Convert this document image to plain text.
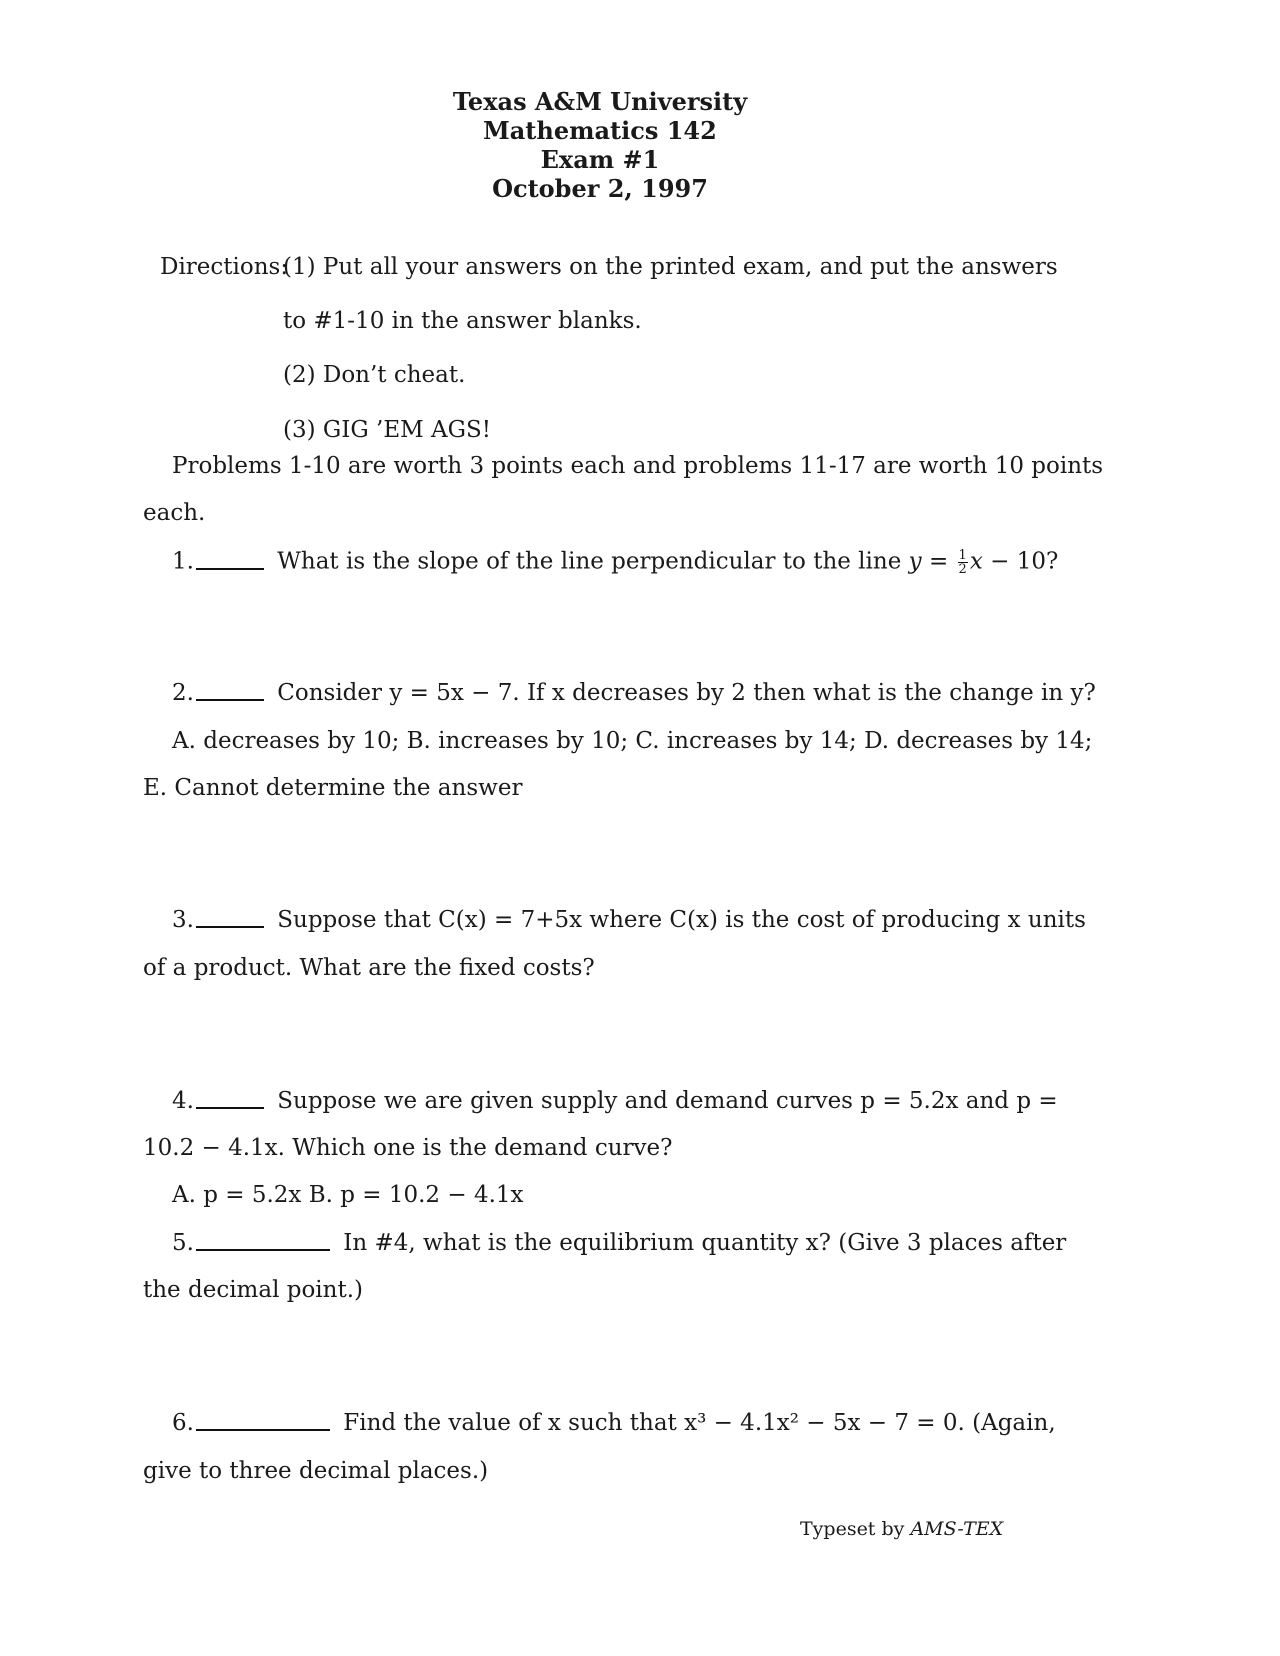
Texas A&M University
Mathematics 142
Exam #1
October 2, 1997
Directions:
(1) Put all your answers on the printed exam, and put the answers
to #1-10 in the answer blanks.
(2) Don’t cheat.
(3) GIG ’EM AGS!
Problems 1-10 are worth 3 points each and problems 11-17 are worth 10 points
each.
1.	What is the slope of the line perpendicular to the line $y = \frac{1}{2}$ x − 10?
2.	Consider y = 5x − 7. If x decreases by 2 then what is the change in y?
A. decreases by 10; B. increases by 10; C. increases by 14; D. decreases by 14;
E. Cannot determine the answer
3.	Suppose that C(x) = 7+5x where C(x) is the cost of producing x units
of a product. What are the fixed costs?
4.	Suppose we are given supply and demand curves p = 5.2x and p =
10.2 − 4.1x. Which one is the demand curve?
A. p = 5.2x B. p = 10.2 − 4.1x
5.	In #4, what is the equilibrium quantity x? (Give 3 places after
the decimal point.)
6.	Find the value of x such that x³ − 4.1x² − 5x − 7 = 0. (Again,
give to three decimal places.)
Typeset by AMS-TEX
